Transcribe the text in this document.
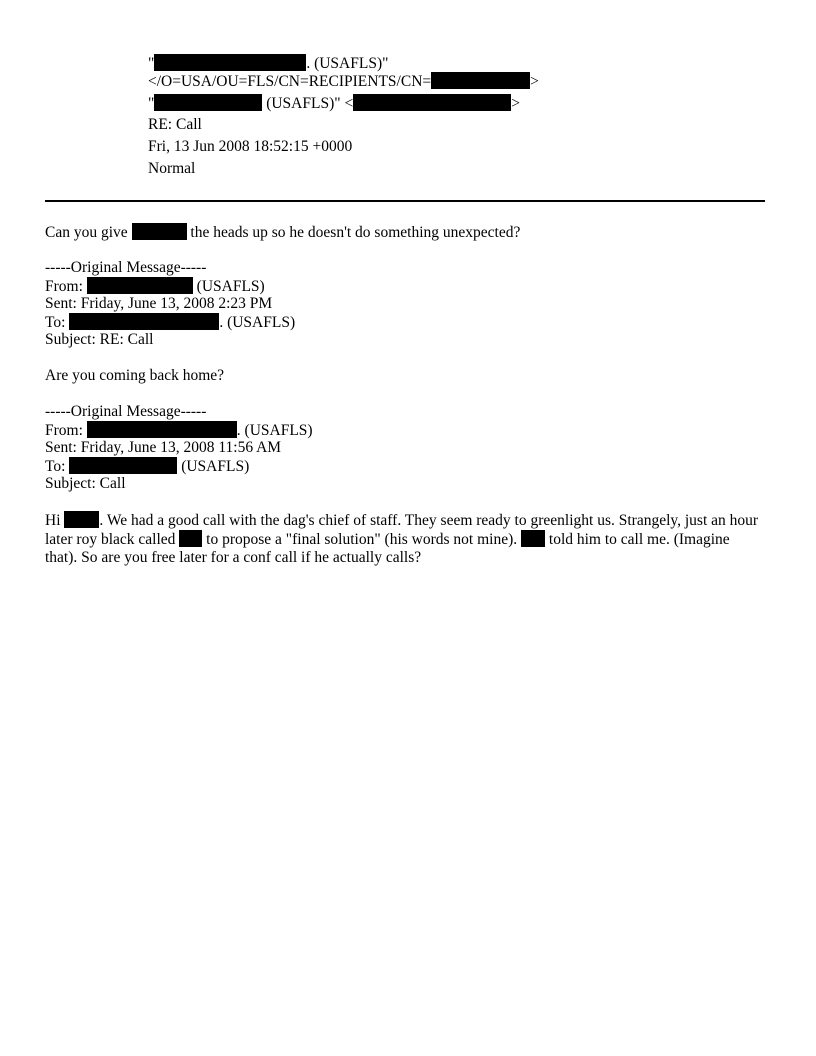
"	. (USAFLS)"
</O=USA/OU=FLS/CN=RECIPIENTS/CN=	>
"	(USAFLS)" <	>
RE: Call
Fri, 13 Jun 2008 18:52:15 +0000
Normal
Can you give	the heads up so he doesn't do something unexpected?
-----Original Message-----
From:	(USAFLS)
Sent: Friday, June 13, 2008 2:23 PM
To:	. (USAFLS)
Subject: RE: Call
Are you coming back home?
-----Original Message-----
From:	. (USAFLS)
Sent: Friday, June 13, 2008 11:56 AM
To:	(USAFLS)
Subject: Call
Hi . We had a good call with the dag's chief of staff. They seem ready to greenlight us. Strangely, just an hour later roy black called  to propose a "final solution" (his words not mine).  told him to call me. (Imagine that). So are you free later for a conf call if he actually calls?
